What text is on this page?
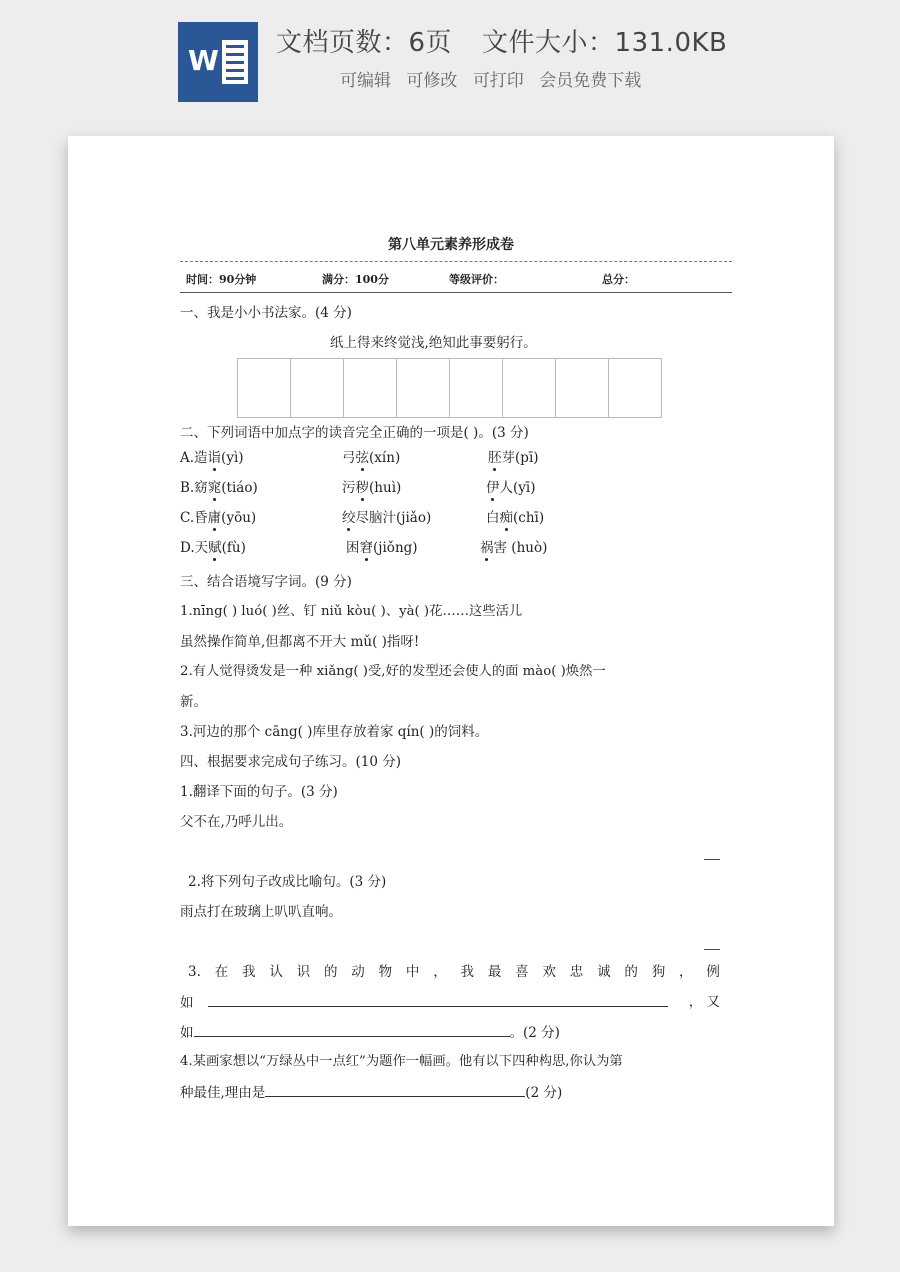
W
文档页数：6页 文件大小：131.0KB
可编辑 可修改 可打印 会员免费下载
第八单元素养形成卷
时间：90分钟	满分：100分	等级评价：	总分：
一、我是小小书法家。(4 分)
纸上得来终觉浅,绝知此事要躬行。
二、下列词语中加点字的读音完全正确的一项是( )。(3 分)
A.造诣(yì)	弓弦(xín)	胚芽(pī)
B.窈窕(tiáo)	污秽(huì)	伊人(yī)
C.昏庸(yōu)	绞尽脑汁(jiǎo)	白痴(chī)
D.天赋(fù)	困窘(jiǒng)	祸害 (huò)
三、结合语境写字词。(9 分)
1.nīng( ) luó( )丝、钉 niǔ kòu( )、yà( )花……这些活儿
虽然操作简单,但都离不开大 mǔ( )指呀!
2.有人觉得烫发是一种 xiǎng( )受,好的发型还会使人的面 mào( )焕然一
新。
3.河边的那个 cāng( )库里存放着家 qín( )的饲料。
四、根据要求完成句子练习。(10 分)
1.翻译下面的句子。(3 分)
父不在,乃呼儿出。
2.将下列句子改成比喻句。(3 分)
雨点打在玻璃上叭叭直响。
3. 在 我 认 识 的 动 物 中 ， 我 最 喜 欢 忠 诚 的 狗 ， 例
如	， 又
如	。(2 分)
4.某画家想以“万绿丛中一点红”为题作一幅画。他有以下四种构思,你认为第
种最佳,理由是	(2 分)
